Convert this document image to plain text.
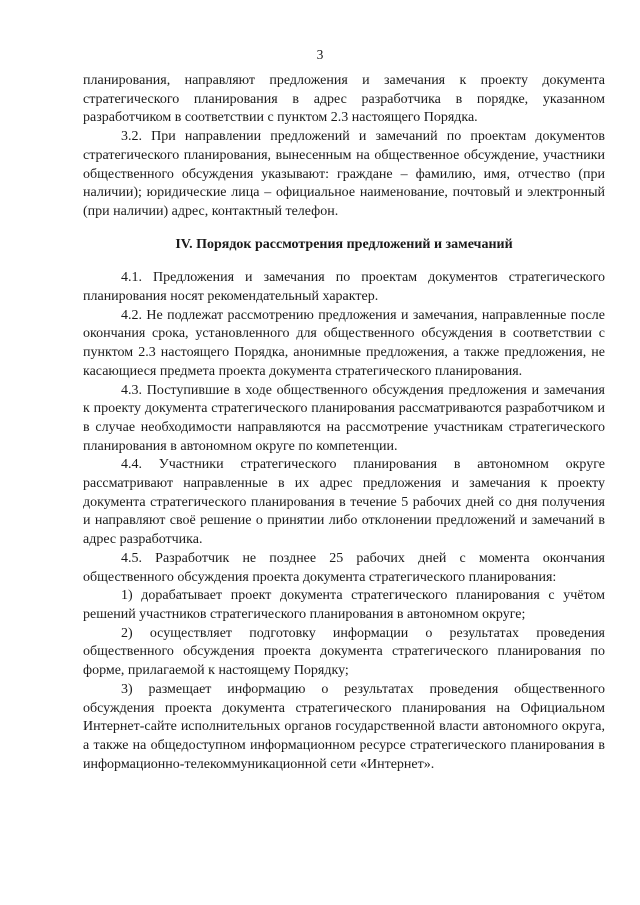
3

планирования, направляют предложения и замечания к проекту документа стратегического планирования в адрес разработчика в порядке, указанном разработчиком в соответствии с пунктом 2.3 настоящего Порядка.

3.2. При направлении предложений и замечаний по проектам документов стратегического планирования, вынесенным на общественное обсуждение, участники общественного обсуждения указывают: граждане – фамилию, имя, отчество (при наличии); юридические лица – официальное наименование, почтовый и электронный (при наличии) адрес, контактный телефон.

IV. Порядок рассмотрения предложений и замечаний

4.1. Предложения и замечания по проектам документов стратегического планирования носят рекомендательный характер.

4.2. Не подлежат рассмотрению предложения и замечания, направленные после окончания срока, установленного для общественного обсуждения в соответствии с пунктом 2.3 настоящего Порядка, анонимные предложения, а также предложения, не касающиеся предмета проекта документа стратегического планирования.

4.3. Поступившие в ходе общественного обсуждения предложения и замечания к проекту документа стратегического планирования рассматриваются разработчиком и в случае необходимости направляются на рассмотрение участникам стратегического планирования в автономном округе по компетенции.

4.4. Участники стратегического планирования в автономном округе рассматривают направленные в их адрес предложения и замечания к проекту документа стратегического планирования в течение 5 рабочих дней со дня получения и направляют своё решение о принятии либо отклонении предложений и замечаний в адрес разработчика.

4.5. Разработчик не позднее 25 рабочих дней с момента окончания общественного обсуждения проекта документа стратегического планирования:

1) дорабатывает проект документа стратегического планирования с учётом решений участников стратегического планирования в автономном округе;

2) осуществляет подготовку информации о результатах проведения общественного обсуждения проекта документа стратегического планирования по форме, прилагаемой к настоящему Порядку;

3) размещает информацию о результатах проведения общественного обсуждения проекта документа стратегического планирования на Официальном Интернет-сайте исполнительных органов государственной власти автономного округа, а также на общедоступном информационном ресурсе стратегического планирования в информационно-телекоммуникационной сети «Интернет».
